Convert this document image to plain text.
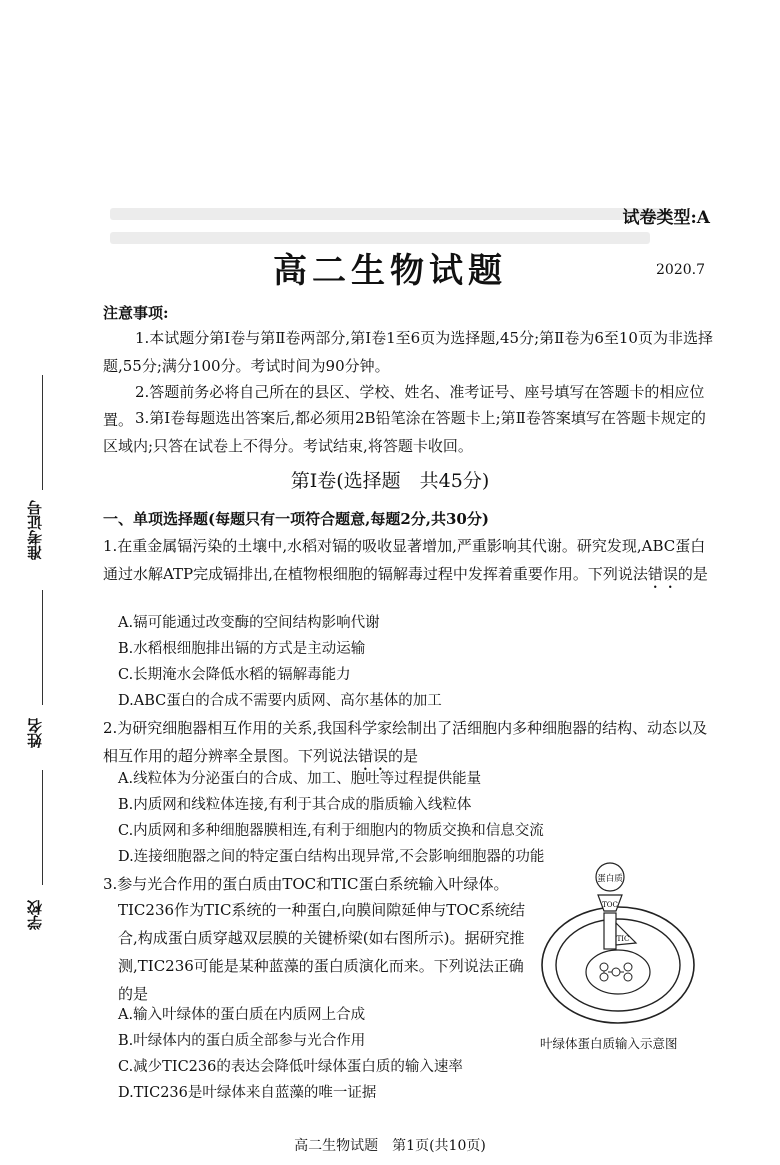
准考证号
姓名
学校
试卷类型:A
高二生物试题	2020.7
注意事项:
1.本试题分第Ⅰ卷与第Ⅱ卷两部分,第Ⅰ卷1至6页为选择题,45分;第Ⅱ卷为6至10页为非选择题,55分;满分100分。考试时间为90分钟。
2.答题前务必将自己所在的县区、学校、姓名、准考证号、座号填写在答题卡的相应位置。 3.第Ⅰ卷每题选出答案后,都必须用2B铅笔涂在答题卡上;第Ⅱ卷答案填写在答题卡规定的区域内;只答在试卷上不得分。考试结束,将答题卡收回。
第Ⅰ卷(选择题　共45分)
一、单项选择题(每题只有一项符合题意,每题2分,共30分)
1.在重金属镉污染的土壤中,水稻对镉的吸收显著增加,严重影响其代谢。研究发现,ABC蛋白通过水解ATP完成镉排出,在植物根细胞的镉解毒过程中发挥着重要作用。下列说法错误的是
A.镉可能通过改变酶的空间结构影响代谢
B.水稻根细胞排出镉的方式是主动运输
C.长期淹水会降低水稻的镉解毒能力
D.ABC蛋白的合成不需要内质网、高尔基体的加工
2.为研究细胞器相互作用的关系,我国科学家绘制出了活细胞内多种细胞器的结构、动态以及相互作用的超分辨率全景图。下列说法错误的是
A.线粒体为分泌蛋白的合成、加工、胞吐等过程提供能量
B.内质网和线粒体连接,有利于其合成的脂质输入线粒体
C.内质网和多种细胞器膜相连,有利于细胞内的物质交换和信息交流
D.连接细胞器之间的特定蛋白结构出现异常,不会影响细胞器的功能
3.参与光合作用的蛋白质由TOC和TIC蛋白系统输入叶绿体。
TIC236作为TIC系统的一种蛋白,向膜间隙延伸与TOC系统结合,构成蛋白质穿越双层膜的关键桥梁(如右图所示)。据研究推测,TIC236可能是某种蓝藻的蛋白质演化而来。下列说法正确的是
A.输入叶绿体的蛋白质在内质网上合成
B.叶绿体内的蛋白质全部参与光合作用
C.减少TIC236的表达会降低叶绿体蛋白质的输入速率
D.TIC236是叶绿体来自蓝藻的唯一证据
蛋白质
TOC
TIC
叶绿体蛋白质输入示意图
高二生物试题　第1页(共10页)
